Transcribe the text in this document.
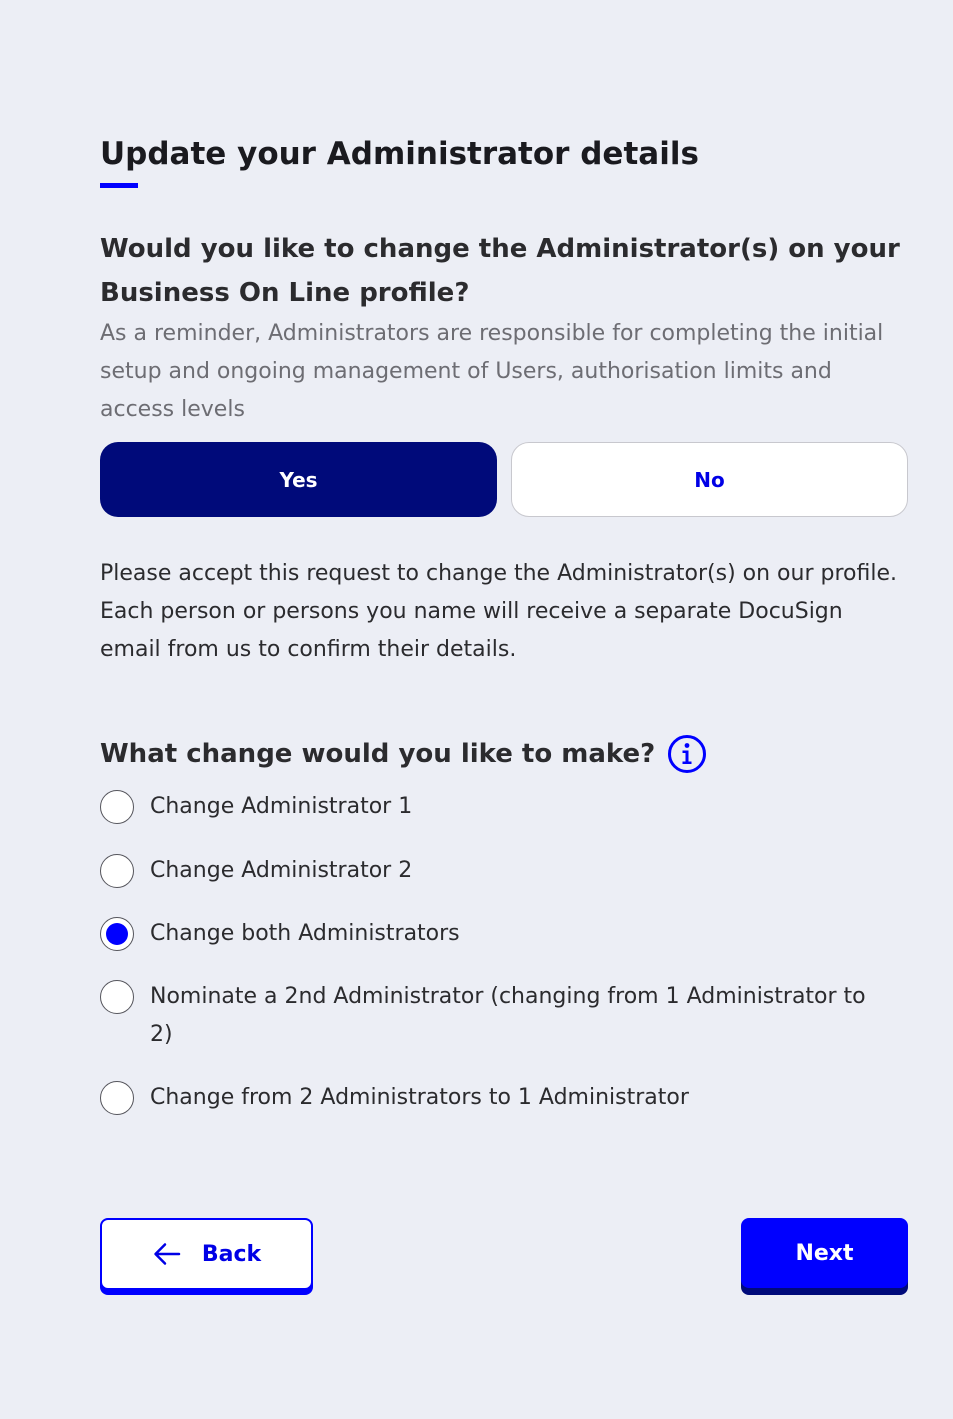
Update your Administrator details

Would you like to change the Administrator(s) on your Business On Line profile?

As a reminder, Administrators are responsible for completing the initial setup and ongoing management of Users, authorisation limits and access levels

Yes	No

Please accept this request to change the Administrator(s) on our profile. Each person or persons you name will receive a separate DocuSign email from us to confirm their details.

What change would you like to make?
Change Administrator 1
Change Administrator 2
Change both Administrators
Nominate a 2nd Administrator (changing from 1 Administrator to 2)
Change from 2 Administrators to 1 Administrator
Back	Next
